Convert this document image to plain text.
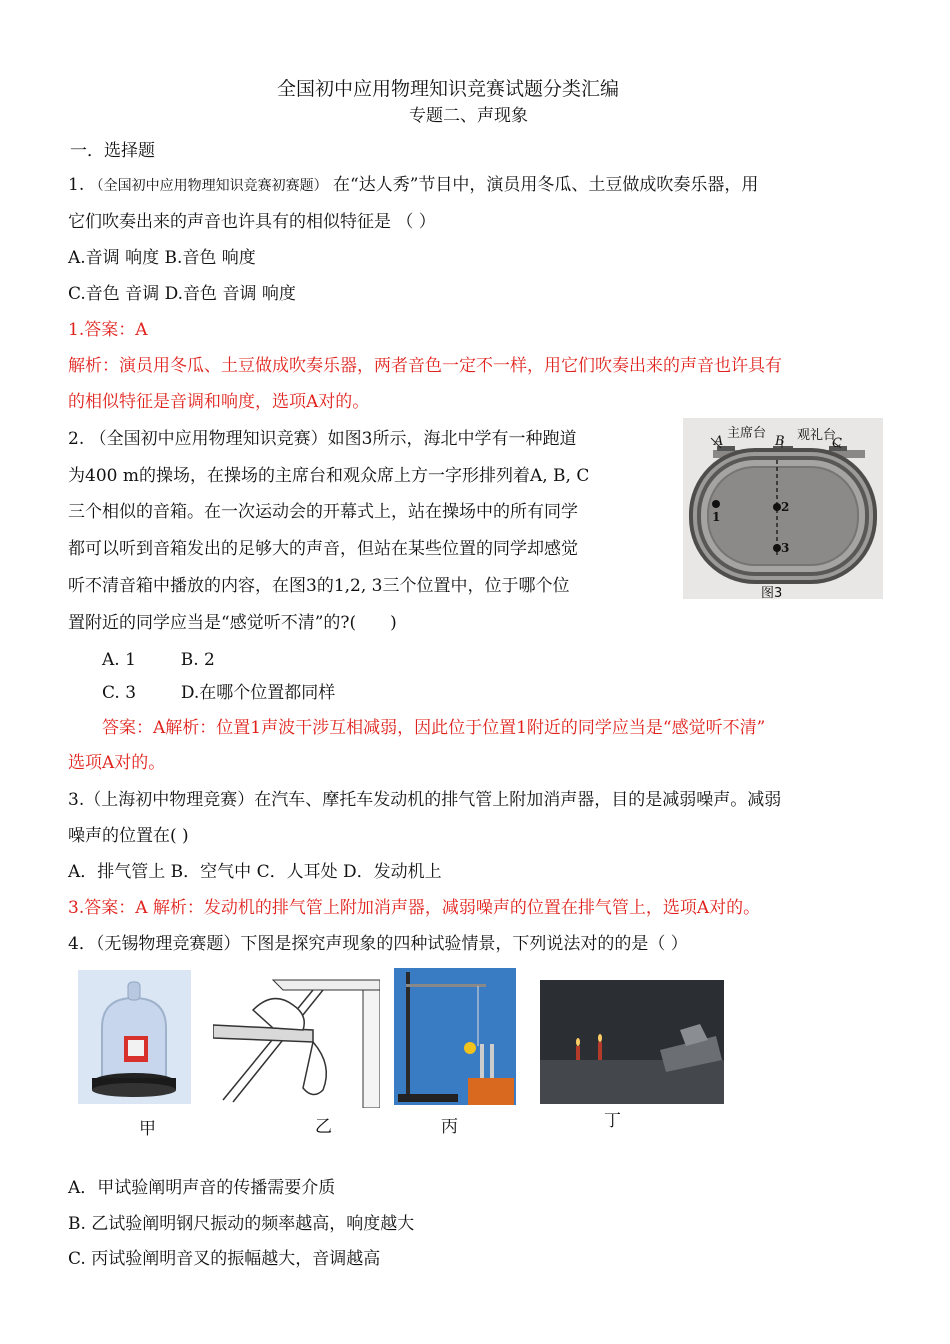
全国初中应用物理知识竞赛试题分类汇编
专题二、声现象
一．选择题
1. （全国初中应用物理知识竞赛初赛题） 在“达人秀”节目中，演员用冬瓜、土豆做成吹奏乐器，用
它们吹奏出来的声音也许具有的相似特征是 （ ）
A.音调 响度 B.音色 响度
C.音色 音调 D.音色 音调 响度
1.答案：A
解析：演员用冬瓜、土豆做成吹奏乐器，两者音色一定不一样，用它们吹奏出来的声音也许具有
的相似特征是音调和响度，选项A对的。
2. （全国初中应用物理知识竞赛）如图3所示，海北中学有一种跑道
为400 m的操场，在操场的主席台和观众席上方一字形排列着A, B, C
三个相似的音箱。在一次运动会的开幕式上，站在操场中的所有同学
都可以听到音箱发出的足够大的声音，但站在某些位置的同学却感觉
听不清音箱中播放的内容，在图3的1,2, 3三个位置中，位于哪个位
置附近的同学应当是“感觉听不清”的?(　　)
A. 1 　　 B. 2
C. 3 　　 D.在哪个位置都同样
答案：A解析：位置1声波干涉互相减弱，因此位于位置1附近的同学应当是“感觉听不清”
选项A对的。
主席台 观礼台
A	B	C
1
2
3
图3
3.（上海初中物理竞赛）在汽车、摩托车发动机的排气管上附加消声器，目的是减弱噪声。减弱
噪声的位置在( )
A．排气管上 B．空气中 C．人耳处 D．发动机上
3.答案：A 解析：发动机的排气管上附加消声器，减弱噪声的位置在排气管上，选项A对的。
4．（无锡物理竞赛题）下图是探究声现象的四种试验情景，下列说法对的的是（ ）
甲	乙	丙	丁
A．甲试验阐明声音的传播需要介质
B. 乙试验阐明钢尺振动的频率越高，响度越大
C. 丙试验阐明音叉的振幅越大，音调越高
